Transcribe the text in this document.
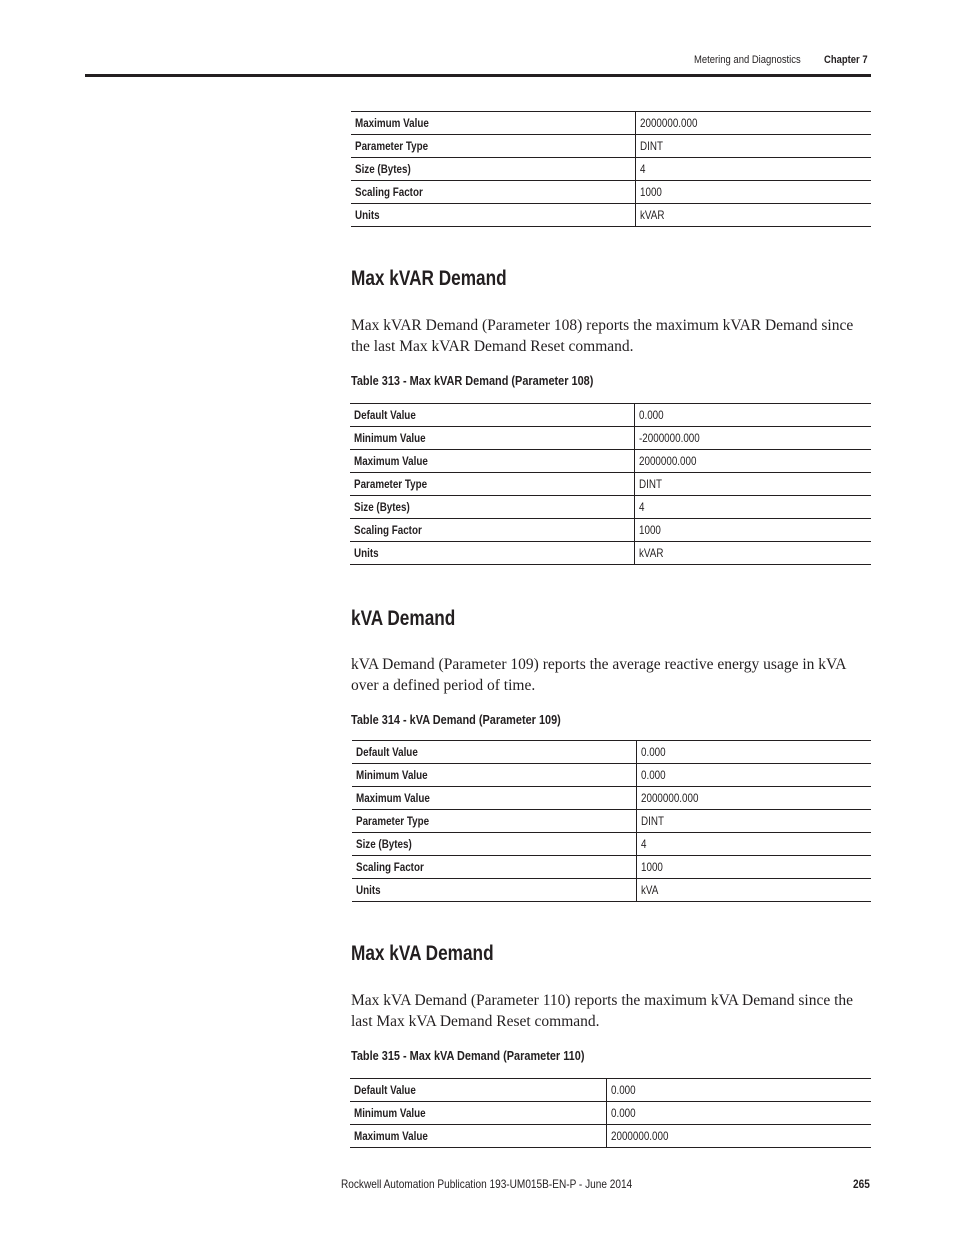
Metering and Diagnostics Chapter 7
Maximum Value	2000000.000
Parameter Type	DINT
Size (Bytes)	4
Scaling Factor	1000
Units	kVAR
Max kVAR Demand
Max kVAR Demand (Parameter 108) reports the maximum kVAR Demand since the last Max kVAR Demand Reset command.
Table 313 - Max kVAR Demand (Parameter 108)
Default Value	0.000
Minimum Value	-2000000.000
Maximum Value	2000000.000
Parameter Type	DINT
Size (Bytes)	4
Scaling Factor	1000
Units	kVAR
kVA Demand
kVA Demand (Parameter 109) reports the average reactive energy usage in kVA over a defined period of time.
Table 314 - kVA Demand (Parameter 109)
Default Value	0.000
Minimum Value	0.000
Maximum Value	2000000.000
Parameter Type	DINT
Size (Bytes)	4
Scaling Factor	1000
Units	kVA
Max kVA Demand
Max kVA Demand (Parameter 110) reports the maximum kVA Demand since the last Max kVA Demand Reset command.
Table 315 - Max kVA Demand (Parameter 110)
Default Value	0.000
Minimum Value	0.000
Maximum Value	2000000.000
Rockwell Automation Publication 193-UM015B-EN-P - June 2014	265
